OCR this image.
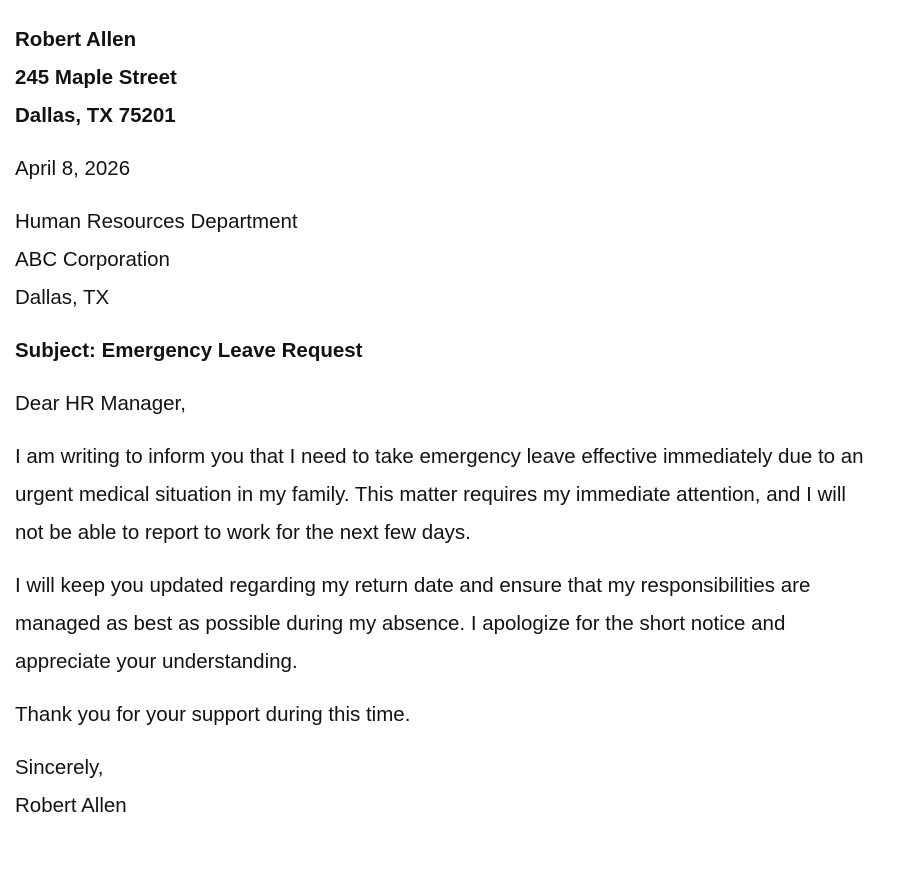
Robert Allen

245 Maple Street

Dallas, TX 75201

April 8, 2026

Human Resources Department

ABC Corporation

Dallas, TX

Subject: Emergency Leave Request

Dear HR Manager,

I am writing to inform you that I need to take emergency leave effective immediately due to an urgent medical situation in my family. This matter requires my immediate attention, and I will not be able to report to work for the next few days.

I will keep you updated regarding my return date and ensure that my responsibilities are managed as best as possible during my absence. I apologize for the short notice and appreciate your understanding.

Thank you for your support during this time.

Sincerely,

Robert Allen
